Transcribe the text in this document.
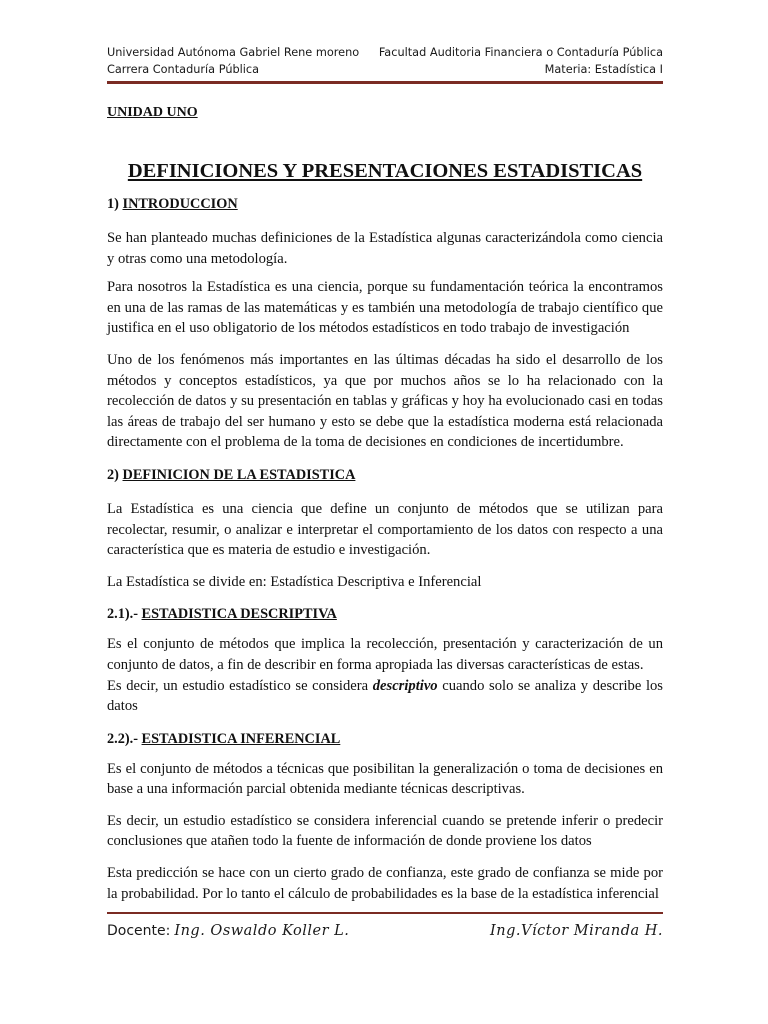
Universidad Autónoma Gabriel Rene moreno Facultad Auditoria Financiera o Contaduría Pública
Carrera Contaduría Pública	Materia: Estadística I
UNIDAD UNO
DEFINICIONES Y PRESENTACIONES ESTADISTICAS
1) INTRODUCCION

Se han planteado muchas definiciones de la Estadística algunas caracterizándola como ciencia y otras como una metodología.

Para nosotros la Estadística es una ciencia, porque su fundamentación teórica la encontramos en una de las ramas de las matemáticas y es también una metodología de trabajo científico que justifica en el uso obligatorio de los métodos estadísticos en todo trabajo de investigación

Uno de los fenómenos más importantes en las últimas décadas ha sido el desarrollo de los métodos y conceptos estadísticos, ya que por muchos años se lo ha relacionado con la recolección de datos y su presentación en tablas y gráficas y hoy ha evolucionado casi en todas las áreas de trabajo del ser humano y esto se debe que la estadística moderna está relacionada directamente con el problema de la toma de decisiones en condiciones de incertidumbre.

2) DEFINICION DE LA ESTADISTICA

La Estadística es una ciencia que define un conjunto de métodos que se utilizan para recolectar, resumir, o analizar e interpretar el comportamiento de los datos con respecto a una característica que es materia de estudio e investigación.

La Estadística se divide en: Estadística Descriptiva e Inferencial

2.1).- ESTADISTICA DESCRIPTIVA

Es el conjunto de métodos que implica la recolección, presentación y caracterización de un conjunto de datos, a fin de describir en forma apropiada las diversas características de estas.

Es decir, un estudio estadístico se considera descriptivo cuando solo se analiza y describe los datos

2.2).- ESTADISTICA INFERENCIAL

Es el conjunto de métodos a técnicas que posibilitan la generalización o toma de decisiones en base a una información parcial obtenida mediante técnicas descriptivas.

Es decir, un estudio estadístico se considera inferencial cuando se pretende inferir o predecir conclusiones que atañen todo la fuente de información de donde proviene los datos

Esta predicción se hace con un cierto grado de confianza, este grado de confianza se mide por la probabilidad. Por lo tanto el cálculo de probabilidades es la base de la estadística inferencial

Docente: Ing. Oswaldo Koller L.	Ing.Víctor Miranda H.
